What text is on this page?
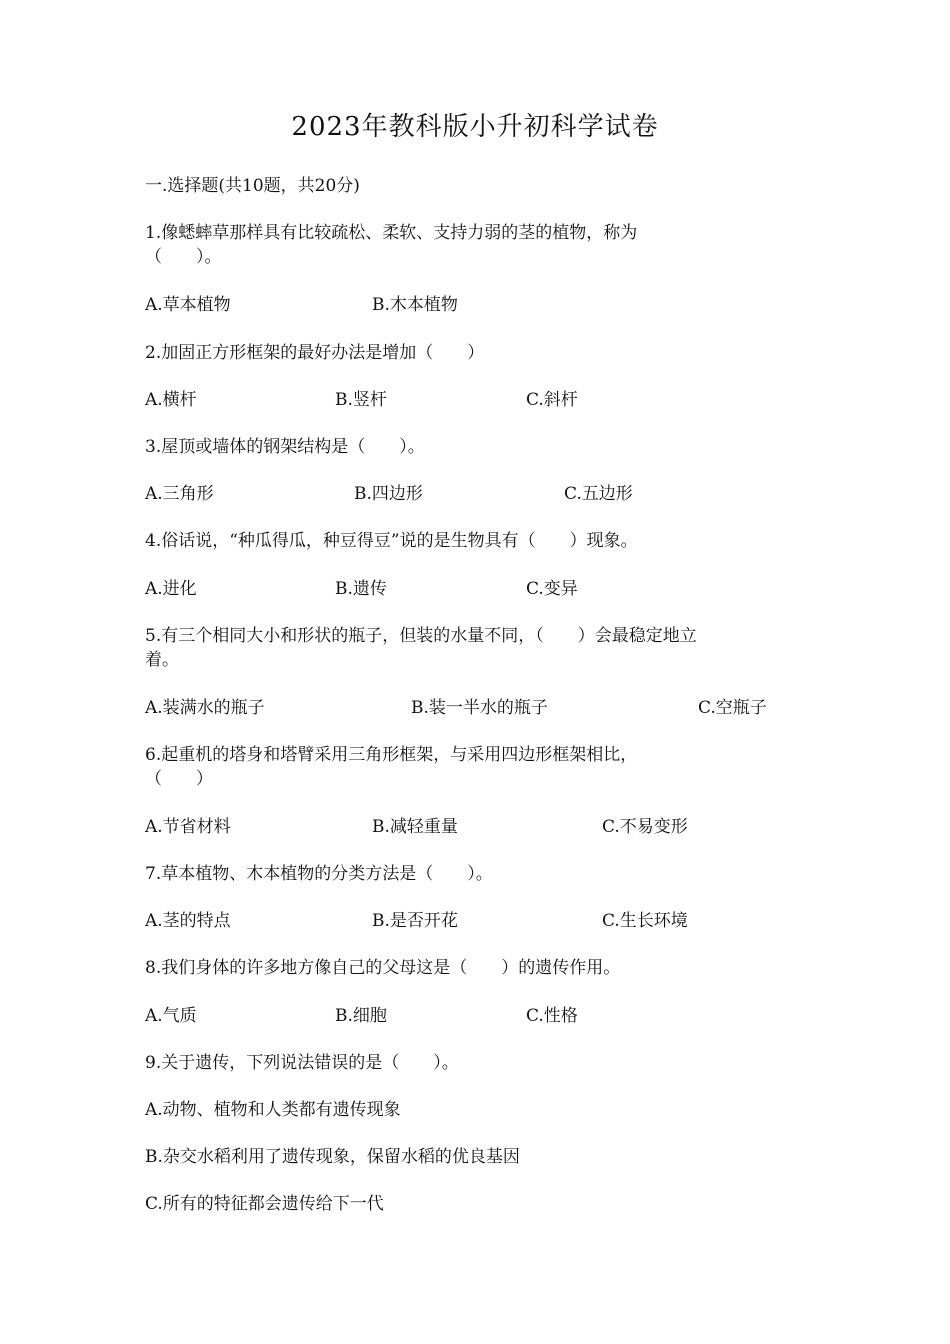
2023年教科版小升初科学试卷
一.选择题(共10题，共20分)
1.像蟋蟀草那样具有比较疏松、柔软、支持力弱的茎的植物，称为
（　　）。
A.草本植物	B.木本植物
2.加固正方形框架的最好办法是增加（　　）
A.横杆	B.竖杆	C.斜杆
3.屋顶或墙体的钢架结构是（　　）。
A.三角形	B.四边形	C.五边形
4.俗话说，“种瓜得瓜，种豆得豆”说的是生物具有（　　）现象。
A.进化	B.遗传	C.变异
5.有三个相同大小和形状的瓶子，但装的水量不同，（　　）会最稳定地立
着。
A.装满水的瓶子	B.装一半水的瓶子	C.空瓶子
6.起重机的塔身和塔臂采用三角形框架，与采用四边形框架相比，
（　　）
A.节省材料	B.减轻重量	C.不易变形
7.草本植物、木本植物的分类方法是（　　）。
A.茎的特点	B.是否开花	C.生长环境
8.我们身体的许多地方像自己的父母这是（　　）的遗传作用。
A.气质	B.细胞	C.性格
9.关于遗传，下列说法错误的是（　　）。
A.动物、植物和人类都有遗传现象
B.杂交水稻利用了遗传现象，保留水稻的优良基因
C.所有的特征都会遗传给下一代
